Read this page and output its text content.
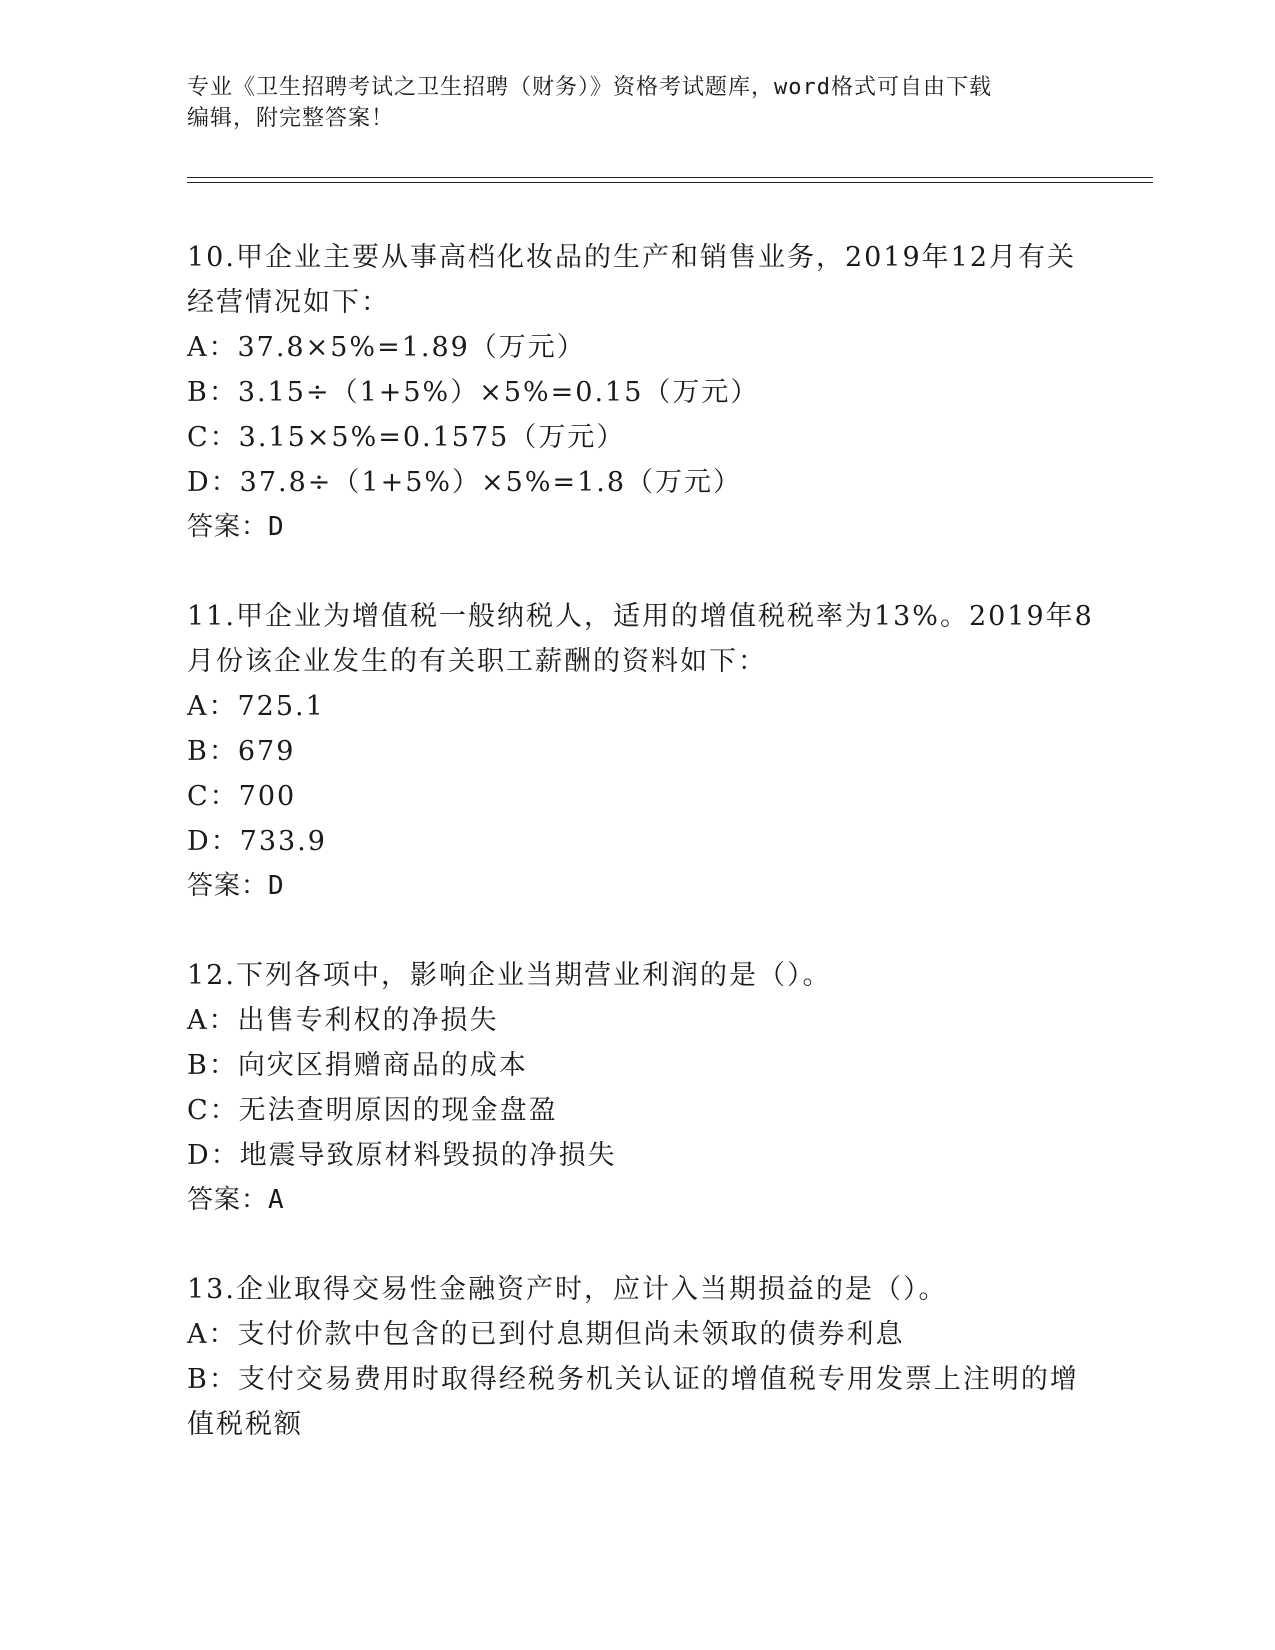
专业《卫生招聘考试之卫生招聘（财务）》资格考试题库，word格式可自由下载
编辑，附完整答案！
10.甲企业主要从事高档化妆品的生产和销售业务，2019年12月有关
经营情况如下：
A：37.8×5%=1.89（万元）
B：3.15÷（1+5%）×5%=0.15（万元）
C：3.15×5%=0.1575（万元）
D：37.8÷（1+5%）×5%=1.8（万元）
答案：D
11.甲企业为增值税一般纳税人，适用的增值税税率为13%。2019年8
月份该企业发生的有关职工薪酬的资料如下：
A：725.1
B：679
C：700
D：733.9
答案：D
12.下列各项中，影响企业当期营业利润的是（）。
A：出售专利权的净损失
B：向灾区捐赠商品的成本
C：无法查明原因的现金盘盈
D：地震导致原材料毁损的净损失
答案：A
13.企业取得交易性金融资产时，应计入当期损益的是（）。
A：支付价款中包含的已到付息期但尚未领取的债券利息
B：支付交易费用时取得经税务机关认证的增值税专用发票上注明的增
值税税额
